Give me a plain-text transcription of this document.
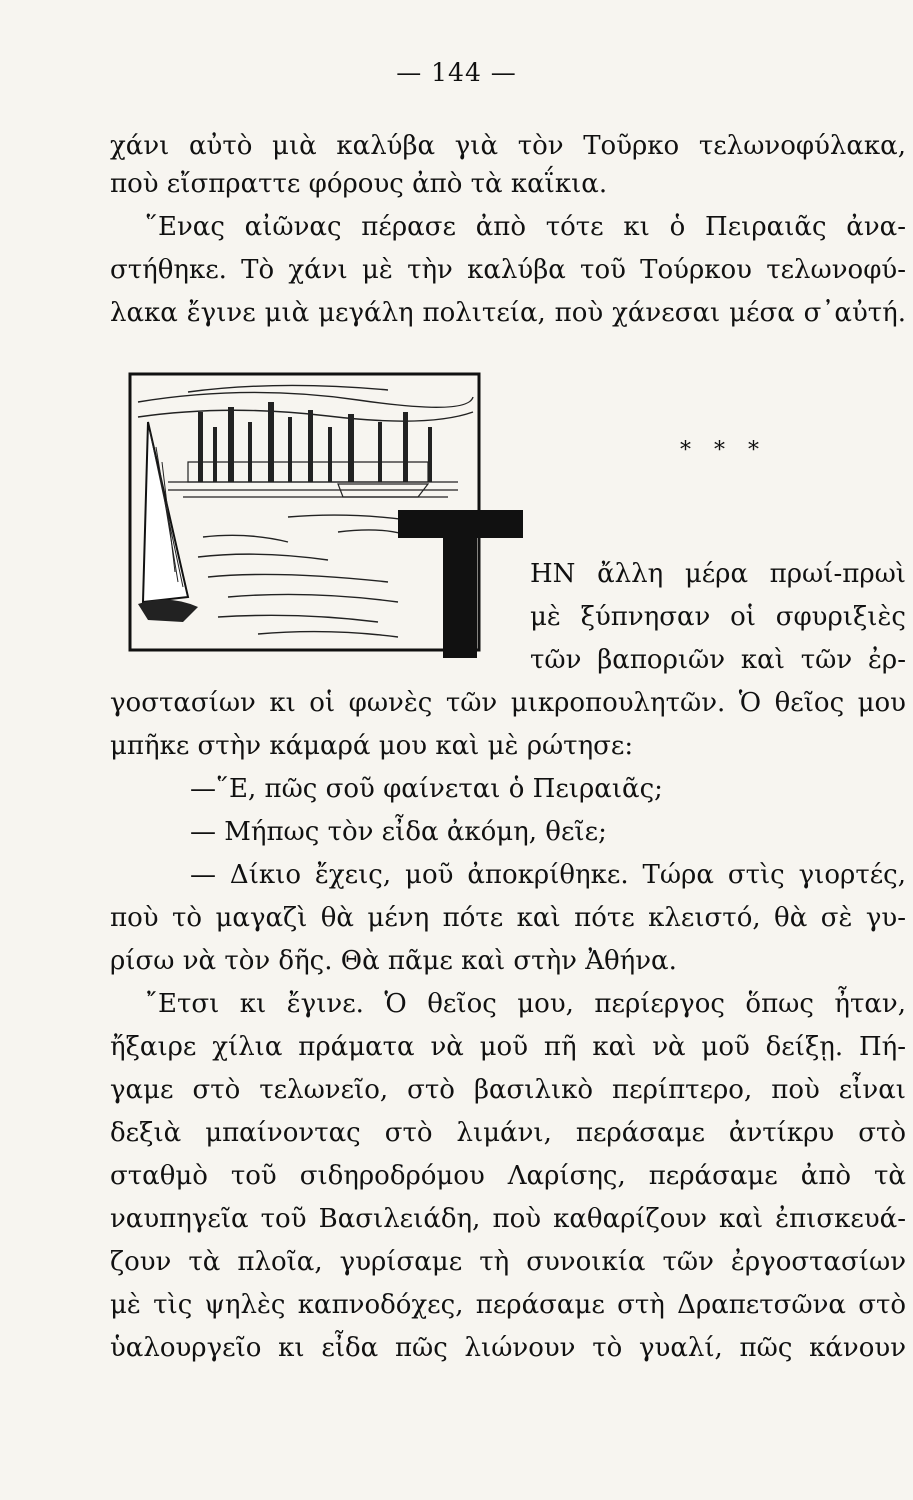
— 144 —
χάνι αὐτὸ μιὰ καλύβα γιὰ τὸν Τοῦρκο τελωνοφύλακα,
ποὺ εἴσπραττε φόρους ἀπὸ τὰ καΐκια.
῞Ενας αἰῶνας πέρασε ἀπὸ τότε κι ὁ Πειραιᾶς ἀνα-
στήθηκε. Τὸ χάνι μὲ τὴν καλύβα τοῦ Τούρκου τελωνοφύ-
λακα ἔγινε μιὰ μεγάλη πολιτεία, ποὺ χάνεσαι μέσα σ᾿αὐτή.
* * *
ΗΝ ἄλλη μέρα πρωί-πρωὶ
μὲ ξύπνησαν οἱ σφυριξιὲς
τῶν βαποριῶν καὶ τῶν ἐρ-
γοστασίων κι οἱ φωνὲς τῶν μικροπουλητῶν. Ὁ θεῖος μου
μπῆκε στὴν κάμαρά μου καὶ μὲ ρώτησε:
—῞Ε, πῶς σοῦ φαίνεται ὁ Πειραιᾶς;
— Μήπως τὸν εἶδα ἀκόμη, θεῖε;
— Δίκιο ἔχεις, μοῦ ἀποκρίθηκε. Τώρα στὶς γιορτές,
ποὺ τὸ μαγαζὶ θὰ μένη πότε καὶ πότε κλειστό, θὰ σὲ γυ-
ρίσω νὰ τὸν δῆς. Θὰ πᾶμε καὶ στὴν Ἀθήνα.
῎Ετσι κι ἔγινε. Ὁ θεῖος μου, περίεργος ὅπως ἦταν,
ἤξαιρε χίλια πράματα νὰ μοῦ πῆ καὶ νὰ μοῦ δείξῃ. Πή-
γαμε στὸ τελωνεῖο, στὸ βασιλικὸ περίπτερο, ποὺ εἶναι
δεξιὰ μπαίνοντας στὸ λιμάνι, περάσαμε ἀντίκρυ στὸ
σταθμὸ τοῦ σιδηροδρόμου Λαρίσης, περάσαμε ἀπὸ τὰ
ναυπηγεῖα τοῦ Βασιλειάδη, ποὺ καθαρίζουν καὶ ἐπισκευά-
ζουν τὰ πλοῖα, γυρίσαμε τὴ συνοικία τῶν ἐργοστασίων
μὲ τὶς ψηλὲς καπνοδόχες, περάσαμε στὴ Δραπετσῶνα στὸ
ὑαλουργεῖο κι εἶδα πῶς λιώνουν τὸ γυαλί, πῶς κάνουν
